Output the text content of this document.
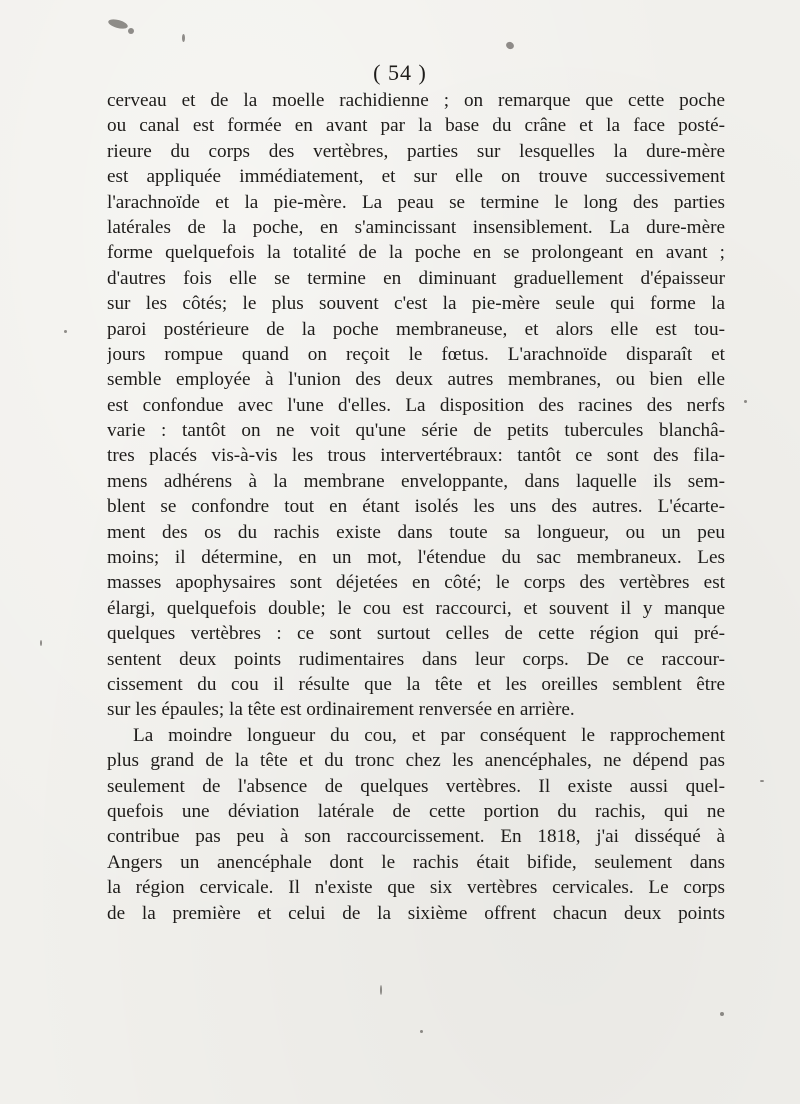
( 54 )
cerveau et de la moelle rachidienne ; on remarque que cette poche
ou canal est formée en avant par la base du crâne et la face posté-
rieure du corps des vertèbres, parties sur lesquelles la dure-mère
est appliquée immédiatement, et sur elle on trouve successivement
l'arachnoïde et la pie-mère. La peau se termine le long des parties
latérales de la poche, en s'amincissant insensiblement. La dure-mère
forme quelquefois la totalité de la poche en se prolongeant en avant ;
d'autres fois elle se termine en diminuant graduellement d'épaisseur
sur les côtés; le plus souvent c'est la pie-mère seule qui forme la
paroi postérieure de la poche membraneuse, et alors elle est tou-
jours rompue quand on reçoit le fœtus. L'arachnoïde disparaît et
semble employée à l'union des deux autres membranes, ou bien elle
est confondue avec l'une d'elles. La disposition des racines des nerfs
varie : tantôt on ne voit qu'une série de petits tubercules blanchâ-
tres placés vis-à-vis les trous intervertébraux: tantôt ce sont des fila-
mens adhérens à la membrane enveloppante, dans laquelle ils sem-
blent se confondre tout en étant isolés les uns des autres. L'écarte-
ment des os du rachis existe dans toute sa longueur, ou un peu
moins; il détermine, en un mot, l'étendue du sac membraneux. Les
masses apophysaires sont déjetées en côté; le corps des vertèbres est
élargi, quelquefois double; le cou est raccourci, et souvent il y manque
quelques vertèbres : ce sont surtout celles de cette région qui pré-
sentent deux points rudimentaires dans leur corps. De ce raccour-
cissement du cou il résulte que la tête et les oreilles semblent être
sur les épaules; la tête est ordinairement renversée en arrière.
La moindre longueur du cou, et par conséquent le rapprochement
plus grand de la tête et du tronc chez les anencéphales, ne dépend pas
seulement de l'absence de quelques vertèbres. Il existe aussi quel-
quefois une déviation latérale de cette portion du rachis, qui ne
contribue pas peu à son raccourcissement. En 1818, j'ai disséqué à
Angers un anencéphale dont le rachis était bifide, seulement dans
la région cervicale. Il n'existe que six vertèbres cervicales. Le corps
de la première et celui de la sixième offrent chacun deux points
